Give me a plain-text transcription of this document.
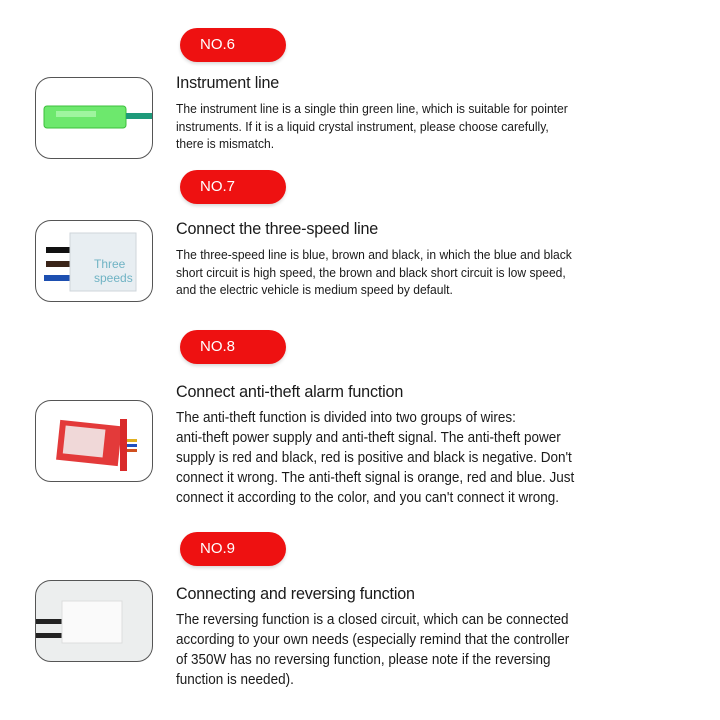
NO.6
Instrument line
The instrument line is a single thin green line, which is suitable for pointer
instruments. If it is a liquid crystal instrument, please choose carefully,
there is mismatch.
NO.7
Three
speeds
Connect the three-speed line
The three-speed line is blue, brown and black, in which the blue and black
short circuit is high speed, the brown and black short circuit is low speed,
and the electric vehicle is medium speed by default.
NO.8
Connect anti-theft alarm function
The anti-theft function is divided into two groups of wires:
anti-theft power supply and anti-theft signal. The anti-theft power
supply is red and black, red is positive and black is negative. Don't
connect it wrong. The anti-theft signal is orange, red and blue. Just
connect it according to the color, and you can't connect it wrong.
NO.9
Connecting and reversing function
The reversing function is a closed circuit, which can be connected
according to your own needs (especially remind that the controller
of 350W has no reversing function, please note if the reversing
function is needed).
